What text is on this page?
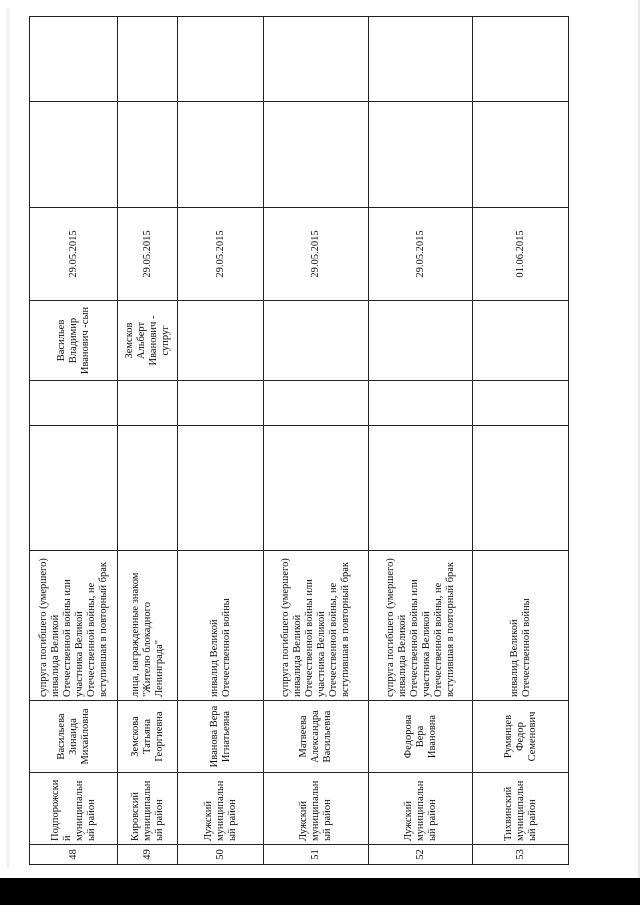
48	Подпорожский муниципальный район	Васильева Зинаида Михайловна	супруга погибшего (умершего) инвалида Великой Отечественной войны или участника Великой Отечественной войны, не вступившая в повторный брак			Васильев Владимир Иванович -сын	29.05.2015		
49	Кировский муниципальный район	Земскова Татьяна Георгиевна	лица, награжденные знаком "Жителю блокадного Ленинграда"			Земсков Альберт Иванович - супруг	29.05.2015		
50	Лужский муниципальный район	Иванова Вера Игнатьевна	инвалид Великой Отечественной войны				29.05.2015		
51	Лужский муниципальный район	Матвеева Александра Васильевна	супруга погибшего (умершего) инвалида Великой Отечественной войны или участника Великой Отечественной войны, не вступившая в повторный брак				29.05.2015		
52	Лужский муниципальный район	Федорова Вера Ивановна	супруга погибшего (умершего) инвалида Великой Отечественной войны или участника Великой Отечественной войны, не вступившая в повторный брак				29.05.2015		
53	Тихвинский муниципальный район	Румянцев Федор Семенович	инвалид Великой Отечественной войны				01.06.2015		
